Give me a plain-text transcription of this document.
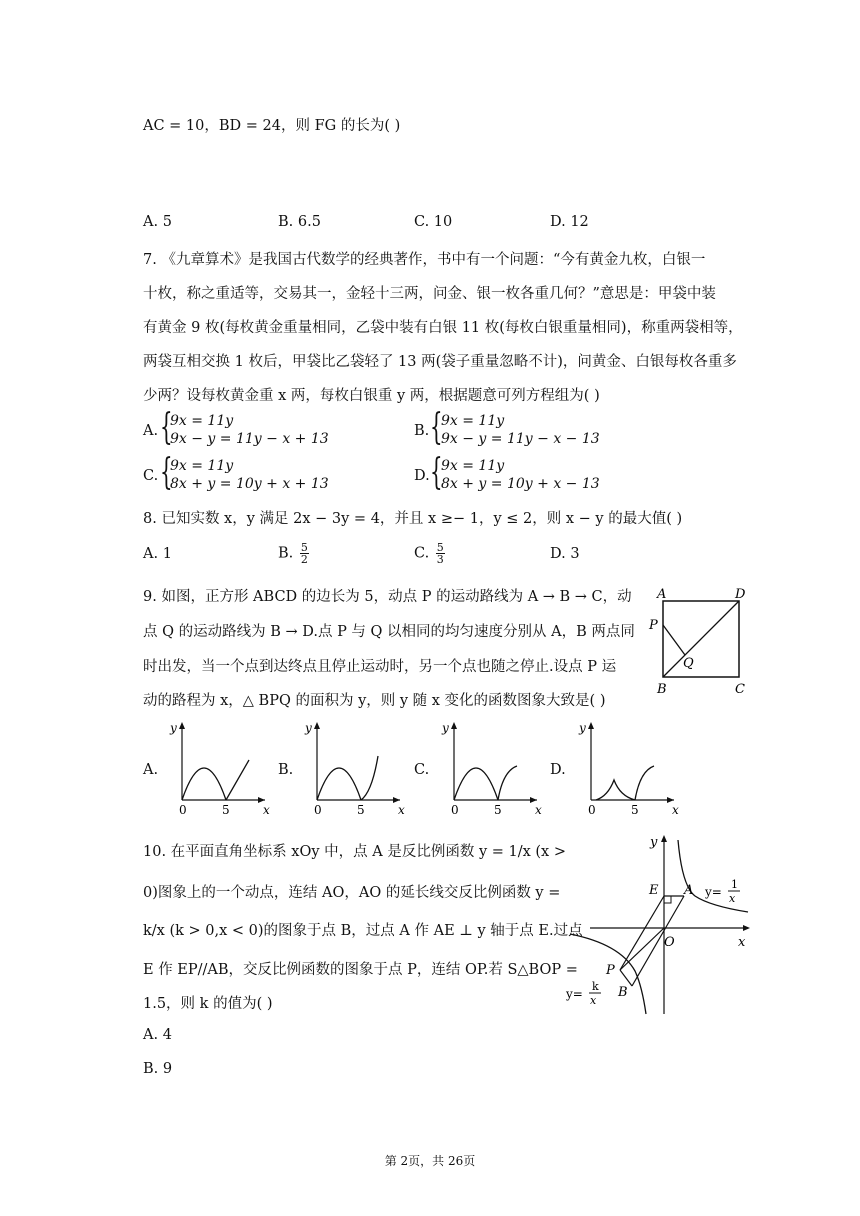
AC = 10，BD = 24，则 FG 的长为( )
A. 5	B. 6.5	C. 10	D. 12
7. 《九章算术》是我国古代数学的经典著作，书中有一个问题：“今有黄金九枚，白银一
十枚，称之重适等，交易其一，金轻十三两，问金、银一枚各重几何？”意思是：甲袋中装
有黄金 9 枚(每枚黄金重量相同，乙袋中装有白银 11 枚(每枚白银重量相同)，称重两袋相等，
两袋互相交换 1 枚后，甲袋比乙袋轻了 13 两(袋子重量忽略不计)，问黄金、白银每枚各重多
少两？设每枚黄金重 x 两，每枚白银重 y 两，根据题意可列方程组为( )
A. {
9x = 11y
9x − y = 11y − x + 13	B. {
9x = 11y
9x − y = 11y − x − 13
C. {
9x = 11y
8x + y = 10y + x + 13	D. {
9x = 11y
8x + y = 10y + x − 13
8. 已知实数 x，y 满足 2x − 3y = 4，并且 x ≥− 1，y ≤ 2，则 x − y 的最大值( )
A. 1	B. $\frac{5}{2}$	C. $\frac{5}{3}$	D. 3
9. 如图，正方形 ABCD 的边长为 5，动点 P 的运动路线为 A → B → C，动
点 Q 的运动路线为 B → D.点 P 与 Q 以相同的均匀速度分别从 A，B 两点同
时出发，当一个点到达终点且停止运动时，另一个点也随之停止.设点 P 运
动的路程为 x，△ BPQ 的面积为 y，则 y 随 x 变化的函数图象大致是( )
A	D
P
Q
B	C
A.	B.	C.	D.
y
x
0	5
y
x
0	5
y
x
0	5
y
x
0	5
10. 在平面直角坐标系 xOy 中，点 A 是反比例函数 y = 1/x (x >
0)图象上的一个动点，连结 AO，AO 的延长线交反比例函数 y =
k/x (k > 0,x < 0)的图象于点 B，过点 A 作 AE ⊥ y 轴于点 E.过点
E 作 EP//AB，交反比例函数的图象于点 P，连结 OP.若 S△BOP =
1.5，则 k 的值为( )
A. 4
B. 9
y
x
O
E A
P
B
y=
1
x
y=
k
x
第 2页，共 26页
